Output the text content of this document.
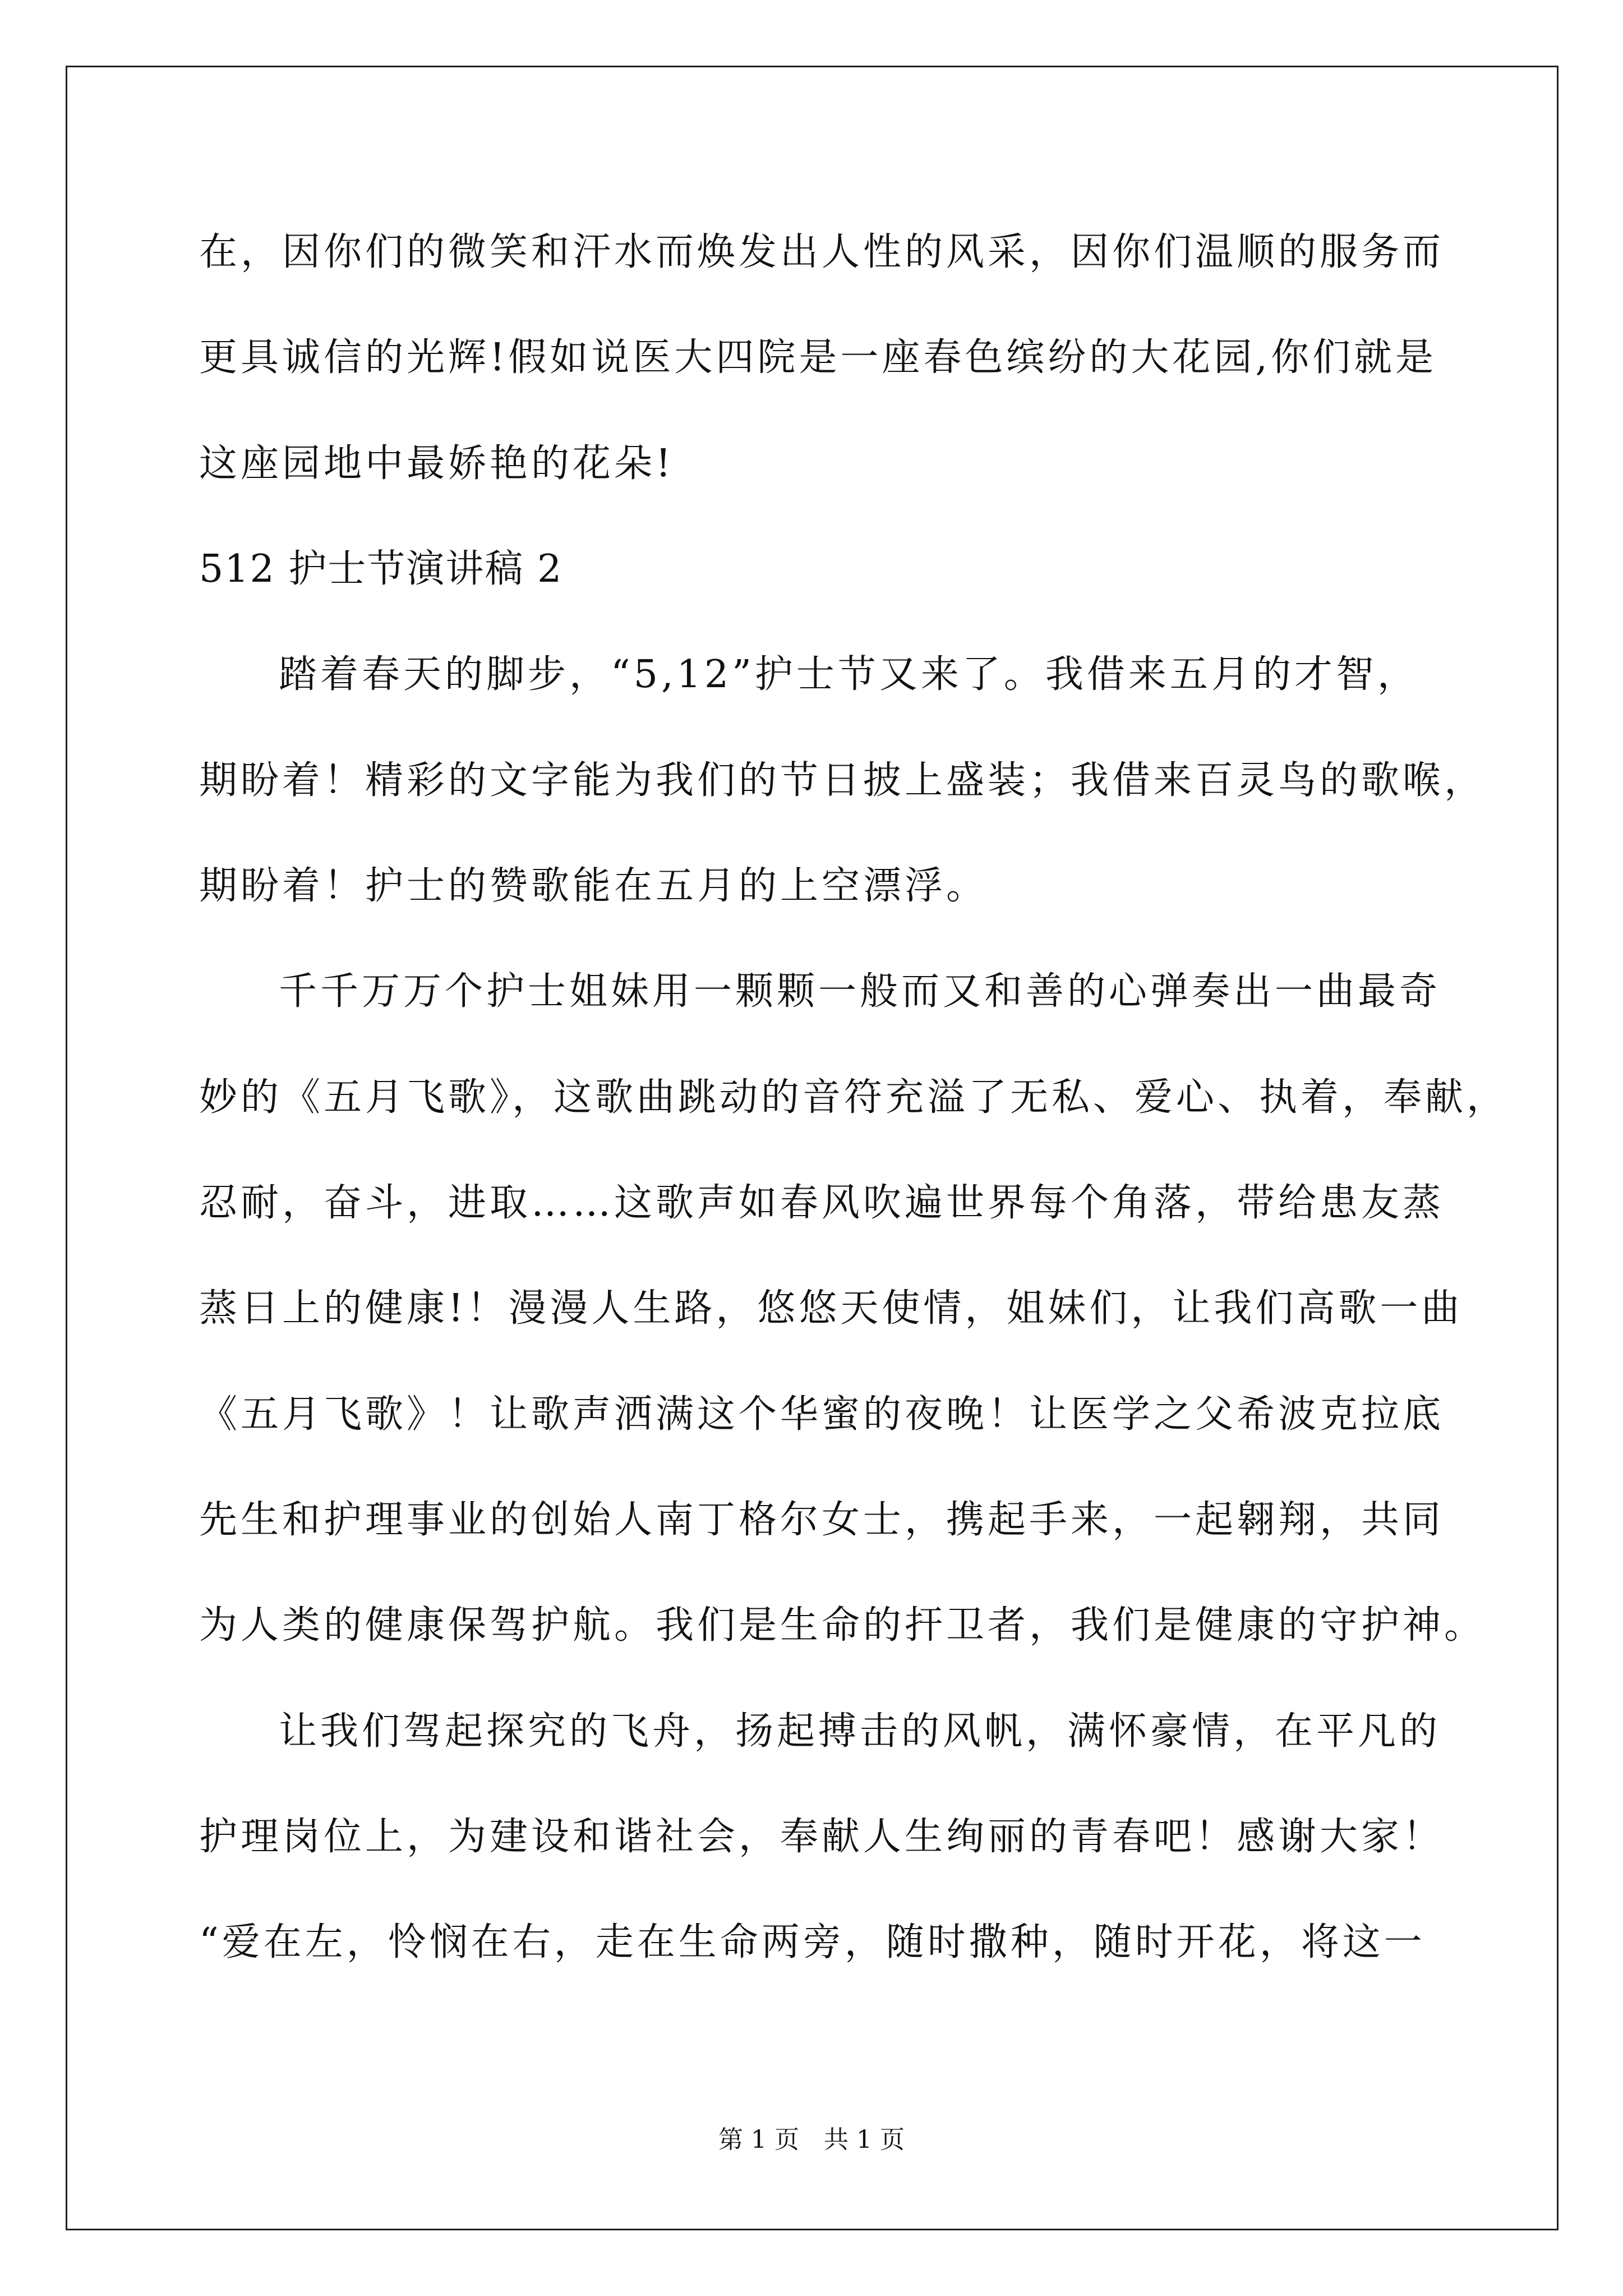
在，因你们的微笑和汗水而焕发出人性的风采，因你们温顺的服务而
更具诚信的光辉!假如说医大四院是一座春色缤纷的大花园,你们就是
这座园地中最娇艳的花朵!
512 护士节演讲稿 2
踏着春天的脚步，“5,12”护士节又来了。我借来五月的才智，
期盼着！精彩的文字能为我们的节日披上盛装；我借来百灵鸟的歌喉，
期盼着！护士的赞歌能在五月的上空漂浮。
千千万万个护士姐妹用一颗颗一般而又和善的心弹奏出一曲最奇
妙的《五月飞歌》，这歌曲跳动的音符充溢了无私、爱心、执着，奉献，
忍耐，奋斗，进取……这歌声如春风吹遍世界每个角落，带给患友蒸
蒸日上的健康!！漫漫人生路，悠悠天使情，姐妹们，让我们高歌一曲
《五月飞歌》！让歌声洒满这个华蜜的夜晚！让医学之父希波克拉底
先生和护理事业的创始人南丁格尔女士，携起手来，一起翱翔，共同
为人类的健康保驾护航。我们是生命的扞卫者，我们是健康的守护神。
让我们驾起探究的飞舟，扬起搏击的风帆，满怀豪情，在平凡的
护理岗位上，为建设和谐社会，奉献人生绚丽的青春吧！感谢大家！
“爱在左，怜悯在右，走在生命两旁，随时撒种，随时开花，将这一
第 1 页　共 1 页
